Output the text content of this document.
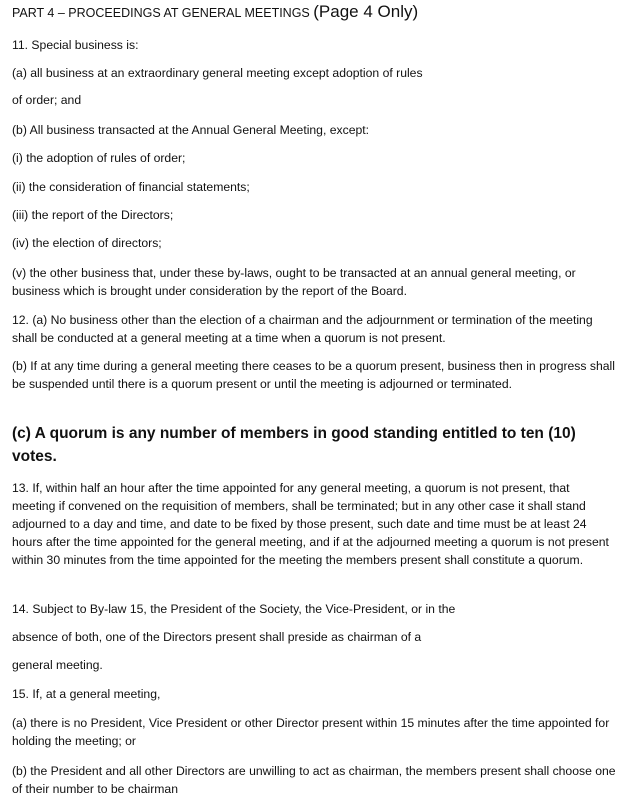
PART 4 – PROCEEDINGS AT GENERAL MEETINGS (Page 4 Only)

11. Special business is:

(a) all business at an extraordinary general meeting except adoption of rules

of order; and

(b) All business transacted at the Annual General Meeting, except:

(i) the adoption of rules of order;

(ii) the consideration of financial statements;

(iii) the report of the Directors;

(iv) the election of directors;

(v) the other business that, under these by-laws, ought to be transacted at an annual general meeting, or business which is brought under consideration by the report of the Board.

12. (a) No business other than the election of a chairman and the adjournment or termination of the meeting shall be conducted at a general meeting at a time when a quorum is not present.

(b) If at any time during a general meeting there ceases to be a quorum present, business then in progress shall be suspended until there is a quorum present or until the meeting is adjourned or terminated.

(c) A quorum is any number of members in good standing entitled to ten (10) votes.

13. If, within half an hour after the time appointed for any general meeting, a quorum is not present, that meeting if convened on the requisition of members, shall be terminated; but in any other case it shall stand adjourned to a day and time, and date to be fixed by those present, such date and time must be at least 24 hours after the time appointed for the general meeting, and if at the adjourned meeting a quorum is not present within 30 minutes from the time appointed for the meeting the members present shall constitute a quorum.

14. Subject to By-law 15, the President of the Society, the Vice-President, or in the

absence of both, one of the Directors present shall preside as chairman of a

general meeting.

15. If, at a general meeting,

(a) there is no President, Vice President or other Director present within 15 minutes after the time appointed for holding the meeting; or

(b) the President and all other Directors are unwilling to act as chairman, the members present shall choose one of their number to be chairman
